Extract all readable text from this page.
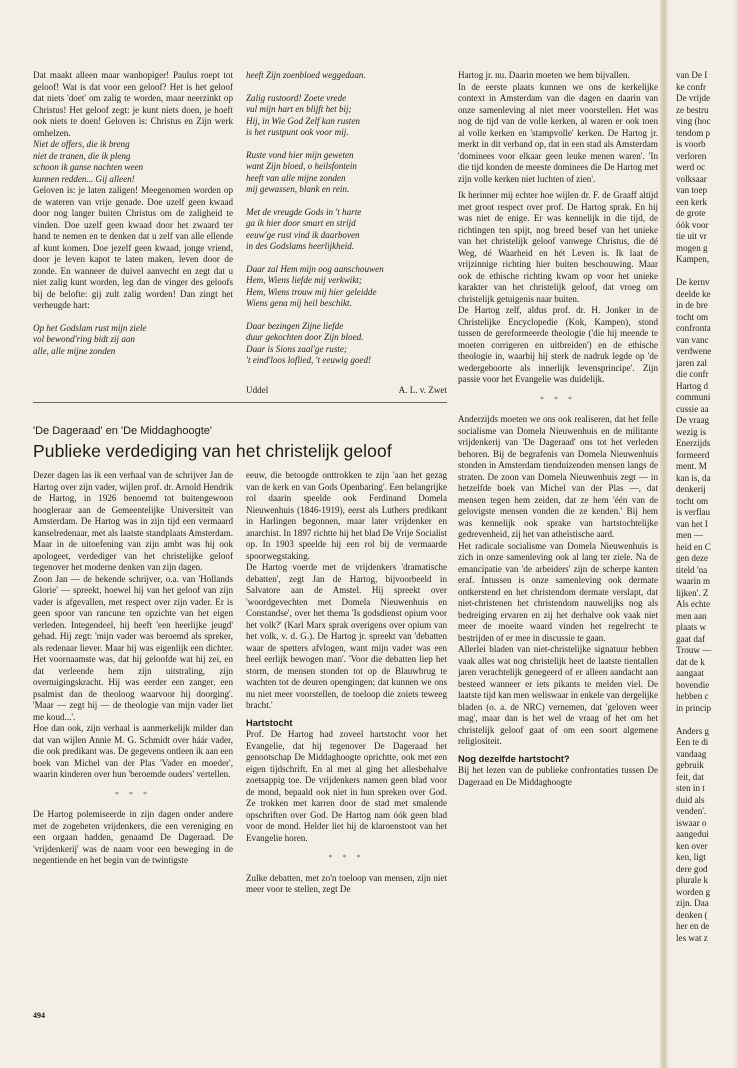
Dat maakt alleen maar wanhopiger! Paulus roept tot geloof! Wat is dat voor een geloof? Het is het geloof dat niets 'doet' om zalig te worden, maar neerzinkt op Christus! Het geloof zegt: je kunt niets doen, je hoeft ook niets te doen! Geloven is: Christus en Zijn werk omhelzen.

Niet de offers, die ik breng

niet de tranen, die ik pleng

schoon ik ganse nachten ween

kunnen redden... Gij alleen!

Geloven is: je laten zaligen! Meegenomen worden op de wateren van vrije genade. Doe uzelf geen kwaad door nog langer buiten Christus om de zaligheid te vinden. Doe uzelf geen kwaad door het zwaard ter hand te nemen en te denken dat u zelf van alle ellende af kunt komen. Doe jezelf geen kwaad, jonge vriend, door je leven kapot te laten maken, leven door de zonde. En wanneer de duivel aanvecht en zegt dat u niet zalig kunt worden, leg dan de vinger des geloofs bij de belofte: gij zult zalig worden! Dan zingt het verheugde hart:

Op het Godslam rust mijn ziele

vol bewond'ring bidt zij aan

alle, alle mijne zonden

heeft Zijn zoenbloed weggedaan.

Zalig rustoord! Zoete vrede

vul mijn hart en blijft het bij;

Hij, in Wie God Zelf kan rusten

is het rustpunt ook voor mij.

Ruste vond hier mijn geweten

want Zijn bloed, o heilsfontein

heeft van alle mijne zonden

mij gewassen, blank en rein.

Met de vreugde Gods in 't harte

ga ik hier door smart en strijd

eeuw'ge rust vind ik daarboven

in des Godslams heerlijkheid.

Daar zal Hem mijn oog aanschouwen

Hem, Wiens liefde mij verkwikt;

Hem, Wiens trouw mij hier geleidde

Wiens gena mij heil beschikt.

Daar bezingen Zijne liefde

duur gekochten door Zijn bloed.

Daar is Sions zaal'ge ruste;

't eind'loos loflied, 't eeuwig goed!

Uddel	A. L. v. Zwet

Hartog jr. nu. Daarin moeten we hem bijvallen.

In de eerste plaats kunnen we ons de kerkelijke context in Amsterdam van die dagen en daarin van onze samenleving al niet meer voorstellen. Het was nog de tijd van de volle kerken, al waren er ook toen al volle kerken en 'stampvolle' kerken. De Hartog jr. merkt in dit verband op, dat in een stad als Amsterdam 'dominees voor elkaar geen leuke menen waren'. 'In die tijd konden de meeste dominees die De Hartog met zijn volle kerken niet luchten of zien'.

Ik herinner mij echter hoe wijlen dr. F. de Graaff altijd met groot respect over prof. De Hartog sprak. En hij was niet de enige. Er was kennelijk in die tijd, de richtingen ten spijt, nog breed besef van het unieke van het christelijk geloof vanwege Christus, die dé Weg, dé Waarheid en hét Leven is. Ik laat de vrijzinnige richting hier buiten beschouwing. Maar ook de ethische richting kwam op voor het unieke karakter van het christelijk geloof, dat vroeg om christelijk getuigenis naar buiten.

De Hartog zelf, aldus prof. dr. H. Jonker in de Christelijke Encyclopedie (Kok, Kampen), stond tussen de gereformeerde theologie ('die hij meende te moeten corrigeren en uitbreiden') en de ethische theologie in, waarbij hij sterk de nadruk legde op 'de wedergeboorte als innerlijk levensprincipe'. Zijn passie voor het Evangelie was duidelijk.

* * *

Anderzijds moeten we ons ook realiseren, dat het felle socialisme van Domela Nieuwenhuis en de militante vrijdenkerij van 'De Dageraad' ons tot het verleden behoren. Bij de begrafenis van Domela Nieuwenhuis stonden in Amsterdam tienduizenden mensen langs de straten. De zoon van Domela Nieuwenhuis zegt — in hetzelfde boek van Michel van der Plas —, dat mensen tegen hem zeiden, dat ze hem 'één van de gelovigste mensen vonden die ze kenden.' Bij hem was kennelijk ook sprake van hartstochtelijke gedrevenheid, zij het van atheïstische aard.

Het radicale socialisme van Domela Nieuwenhuis is zich in onze samenleving ook al lang ter ziele. Na de emancipatie van 'de arbeiders' zijn de scherpe kanten eraf. Intussen is onze samenleving ook dermate ontkerstend en het christendom dermate verslapt, dat niet-christenen het christendom nauwelijks nog als bedreiging ervaren en zij het derhalve ook vaak niet meer de moeite waard vinden het regelrecht te bestrijden of er mee in discussie te gaan.

Allerlei bladen van niet-christelijke signatuur hebben vaak alles wat nog christelijk heet de laatste tientallen jaren verachtelijk genegeerd of er alleen aandacht aan besteed wanneer er iets pikants te melden viel. De laatste tijd kan men weliswaar in enkele van dergelijke bladen (o. a. de NRC) vernemen, dat 'geloven weer mag', maar dan is het wel de vraag of het om het christelijk geloof gaat of om een soort algemene religiositeit.

Nog dezelfde hartstocht?

Bij het lezen van de publieke confrontaties tussen De Dageraad en De Middaghoogte

van De I
ke confr
De vrijde
ze bestru
ving (hoc
tendom p
is voorb
verloren
werd oc
volksaar
van toep
een kerk
de grote
óók voor
tie uit vr
mogen g
Kampen,
De kernv
deelde ke
in de bre
tocht om
confronta
van vanc
verdwene
jaren zal
die confr
Hartog d
communi
cussie aa
De vraag
wezig is
Enerzijds
formeerd
ment. M
kan is, da
denkerij
tocht om
is verflau
van het I
men —
heid en C
gen deze
titeld 'na
waarin m
lijken'. Z
Als echte
men aan
plaats w
gaat daf
Trouw —
dat de k
aangaat
bovendie
hebben c
in princip
Anders g
Een te di
vandaag
gebruik
feit, dat
sten in t
duid als
venden'.
iswaar o
aangedui
ken over
ken, ligt
dere god
plurale k
worden g
zijn. Daa
denken (
her en de
les wat z
'De Dageraad' en 'De Middaghoogte'
Publieke verdediging van het christelijk geloof

Dezer dagen las ik een verhaal van de schrijver Jan de Hartog over zijn vader, wijlen prof. dr. Arnold Hendrik de Hartog, in 1926 benoemd tot buitengewoon hoogleraar aan de Gemeentelijke Universiteit van Amsterdam. De Hartog was in zijn tijd een vermaard kanselredenaar, met als laatste standplaats Amsterdam. Maar in de uitoefening van zijn ambt was hij ook apologeet, verdediger van het christelijke geloof tegenover het moderne denken van zijn dagen.

Zoon Jan — de bekende schrijver, o.a. van 'Hollands Glorie' — spreekt, hoewel hij van het geloof van zijn vader is afgevallen, met respect over zijn vader. Er is geen spoor van rancune ten opzichte van het eigen verleden. Integendeel, hij heeft 'een heerlijke jeugd' gehad. Hij zegt: 'mijn vader was beroemd als spreker, als redenaar liever. Maar hij was eigenlijk een dichter. Het voornaamste was, dat hij geloofde wat hij zei, en dat verleende hem zijn uitstraling, zijn overtuigingskracht. Hij was eerder een zanger, een psalmist dan de theoloog waarvoor hij doorging'. 'Maar — zegt hij — de theologie van mijn vader liet me koud...'.

Hoe dan ook, zijn verhaal is aanmerkelijk milder dan dat van wijlen Annie M. G. Schmidt over háár vader, die ook predikant was. De gegevens ontleen ik aan een boek van Michel van der Plas 'Vader en moeder', waarin kinderen over hun 'beroemde ouders' vertellen.

* * *

De Hartog polemiseerde in zijn dagen onder andere met de zogeheten vrijdenkers, die een vereniging en een orgaan hadden, genaamd De Dageraad. De 'vrijdenkerij' was de naam voor een beweging in de negentiende en het begin van de twintigste

eeuw, die betoogde onttrokken te zijn 'aan het gezag van de kerk en van Gods Openbaring'. Een belangrijke rol daarin speelde ook Ferdinand Domela Nieuwenhuis (1846-1919), eerst als Luthers predikant in Harlingen begonnen, maar later vrijdenker en anarchist. In 1897 richtte hij het blad De Vrije Socialist op. In 1903 speelde hij een rol bij de vermaarde spoorwegstaking.

De Hartog voerde met de vrijdenkers 'dramatische debatten', zegt Jan de Hartog, bijvoorbeeld in Salvatore aan de Amstel. Hij spreekt over 'woordgevechten met Domela Nieuwenhuis en Constandse', over het thema 'Is godsdienst opium voor het volk?' (Karl Marx sprak overigens over opium van het volk, v. d. G.). De Hartog jr. spreekt van 'debatten waar de spetters afvlogen, want mijn vader was een heel eerlijk bewogen man'. 'Voor die debatten liep het storm, de mensen stonden tot op de Blauwbrug te wachten tot de deuren opengingen; dat kunnen we ons nu niet meer voorstellen, de toeloop die zoiets teweeg bracht.'

Hartstocht

Prof. De Hartog had zoveel hartstocht voor het Evangelie, dat hij tegenover De Dageraad het genootschap De Middaghoogte oprichtte, ook met een eigen tijdschrift. En al met al ging het allesbehalve zoetsappig toe. De vrijdenkers namen geen blad voor de mond, bepaald ook niet in hun spreken over God. Ze trokken met karren door de stad met smalende opschriften over God. De Hartog nam óók geen blad voor de mond. Helder liet hij de klaroenstoot van het Evangelie horen.

* * *

Zulke debatten, met zo'n toeloop van mensen, zijn niet meer voor te stellen, zegt De

494
